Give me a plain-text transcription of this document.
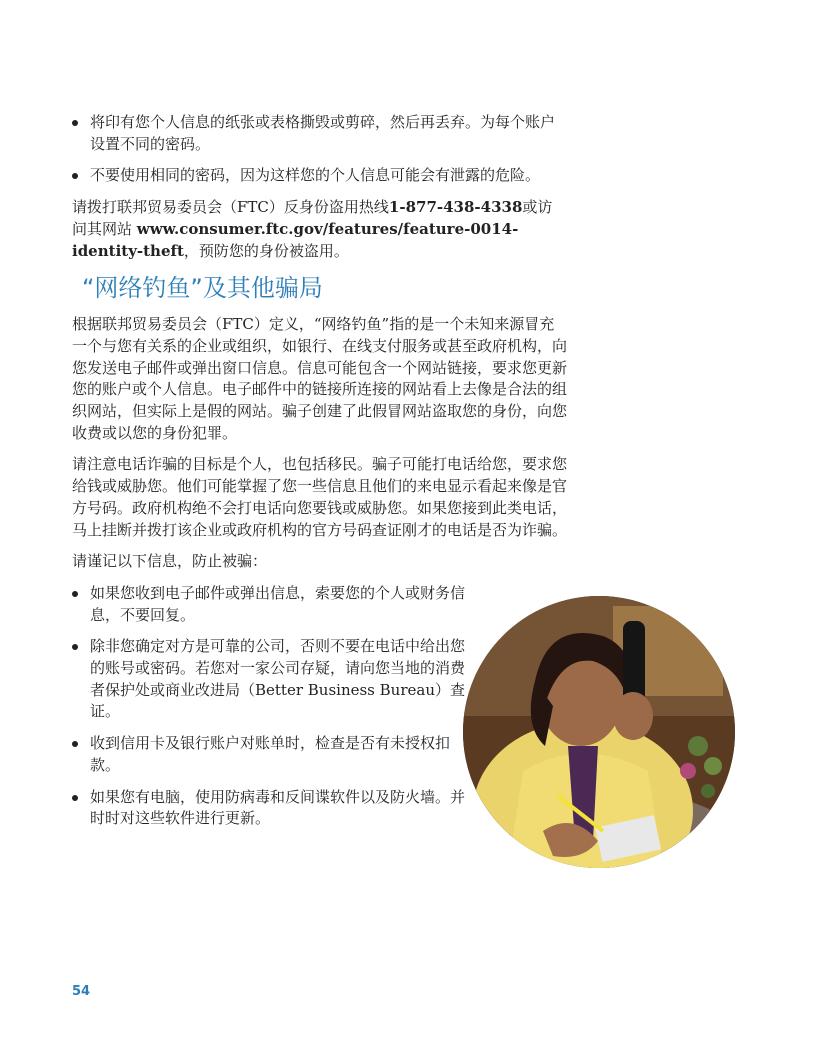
将印有您个人信息的纸张或表格撕毁或剪碎，然后再丢弃。为每个账户设置不同的密码。
不要使用相同的密码，因为这样您的个人信息可能会有泄露的危险。

请拨打联邦贸易委员会（FTC）反身份盗用热线1-877-438-4338或访问其网站 www.consumer.ftc.gov/features/feature-0014-identity-theft，预防您的身份被盗用。

“网络钓鱼”及其他骗局

根据联邦贸易委员会（FTC）定义，“网络钓鱼”指的是一个未知来源冒充一个与您有关系的企业或组织，如银行、在线支付服务或甚至政府机构，向您发送电子邮件或弹出窗口信息。信息可能包含一个网站链接，要求您更新您的账户或个人信息。电子邮件中的链接所连接的网站看上去像是合法的组织网站，但实际上是假的网站。骗子创建了此假冒网站盗取您的身份，向您收费或以您的身份犯罪。

请注意电话诈骗的目标是个人，也包括移民。骗子可能打电话给您，要求您给钱或威胁您。他们可能掌握了您一些信息且他们的来电显示看起来像是官方号码。政府机构绝不会打电话向您要钱或威胁您。如果您接到此类电话，马上挂断并拨打该企业或政府机构的官方号码查证刚才的电话是否为诈骗。

请谨记以下信息，防止被骗：

如果您收到电子邮件或弹出信息，索要您的个人或财务信息，不要回复。
除非您确定对方是可靠的公司，否则不要在电话中给出您的账号或密码。若您对一家公司存疑，请向您当地的消费者保护处或商业改进局（Better Business Bureau）查证。
收到信用卡及银行账户对账单时，检查是否有未授权扣款。
如果您有电脑，使用防病毒和反间谍软件以及防火墙。并时时对这些软件进行更新。
54
